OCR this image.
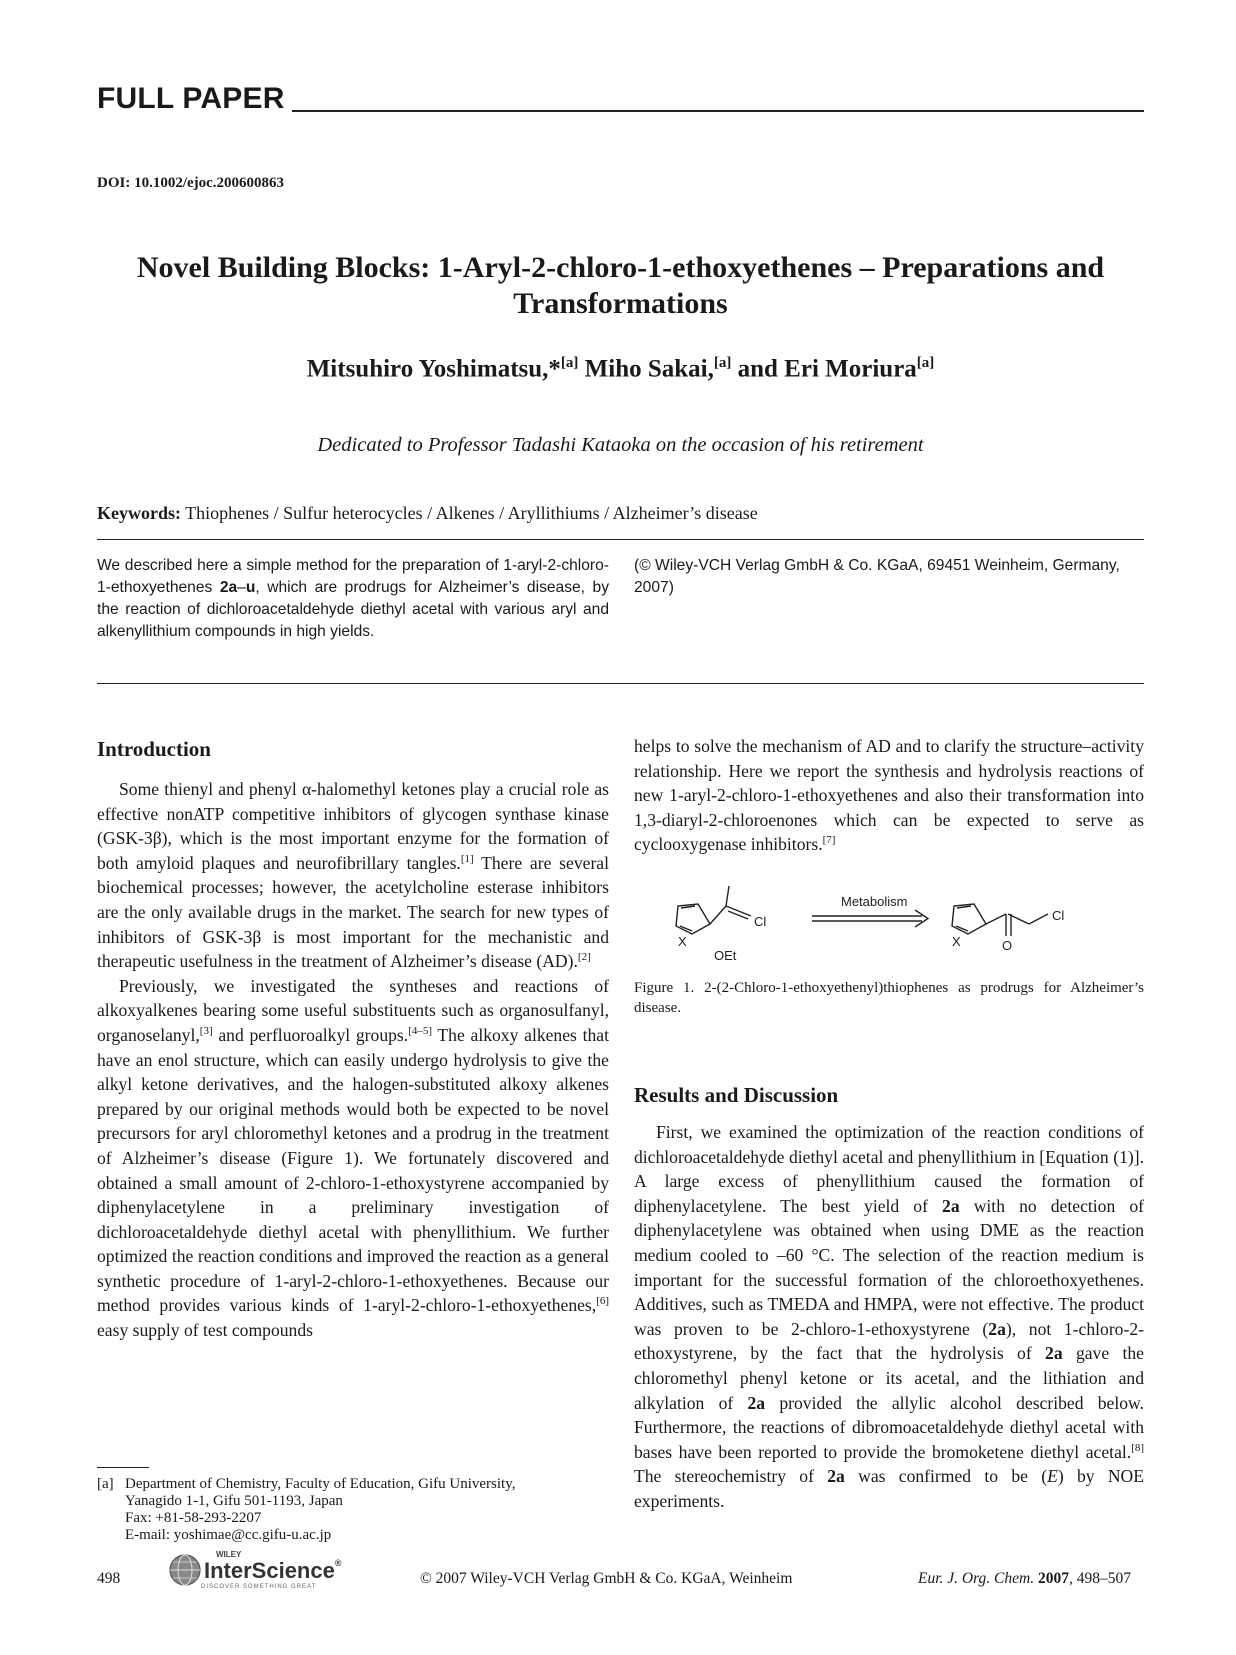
FULL PAPER
DOI: 10.1002/ejoc.200600863
Novel Building Blocks: 1-Aryl-2-chloro-1-ethoxyethenes – Preparations and Transformations
Mitsuhiro Yoshimatsu,*[a] Miho Sakai,[a] and Eri Moriura[a]
Dedicated to Professor Tadashi Kataoka on the occasion of his retirement
Keywords: Thiophenes / Sulfur heterocycles / Alkenes / Aryllithiums / Alzheimer’s disease
We described here a simple method for the preparation of 1-aryl-2-chloro-1-ethoxyethenes 2a–u, which are prodrugs for Alzheimer’s disease, by the reaction of dichloroacetaldehyde diethyl acetal with various aryl and alkenyllithium compounds in high yields.
(© Wiley-VCH Verlag GmbH & Co. KGaA, 69451 Weinheim, Germany, 2007)
Introduction

Some thienyl and phenyl α-halomethyl ketones play a crucial role as effective nonATP competitive inhibitors of glycogen synthase kinase (GSK-3β), which is the most important enzyme for the formation of both amyloid plaques and neurofibrillary tangles.[1] There are several biochemical processes; however, the acetylcholine esterase inhibitors are the only available drugs in the market. The search for new types of inhibitors of GSK-3β is most important for the mechanistic and therapeutic usefulness in the treatment of Alzheimer’s disease (AD).[2]

Previously, we investigated the syntheses and reactions of alkoxyalkenes bearing some useful substituents such as organosulfanyl, organoselanyl,[3] and perfluoroalkyl groups.[4–5] The alkoxy alkenes that have an enol structure, which can easily undergo hydrolysis to give the alkyl ketone derivatives, and the halogen-substituted alkoxy alkenes prepared by our original methods would both be expected to be novel precursors for aryl chloromethyl ketones and a prodrug in the treatment of Alzheimer’s disease (Figure 1). We fortunately discovered and obtained a small amount of 2-chloro-1-ethoxystyrene accompanied by diphenylacetylene in a preliminary investigation of dichloroacetaldehyde diethyl acetal with phenyllithium. We further optimized the reaction conditions and improved the reaction as a general synthetic procedure of 1-aryl-2-chloro-1-ethoxyethenes. Because our method provides various kinds of 1-aryl-2-chloro-1-ethoxyethenes,[6] easy supply of test compounds

helps to solve the mechanism of AD and to clarify the structure–activity relationship. Here we report the synthesis and hydrolysis reactions of new 1-aryl-2-chloro-1-ethoxyethenes and also their transformation into 1,3-diaryl-2-chloroenones which can be expected to serve as cyclooxygenase inhibitors.[7]

X
Cl
OEt
Metabolism
X
Cl
O
Figure 1. 2-(2-Chloro-1-ethoxyethenyl)thiophenes as prodrugs for Alzheimer’s disease.
Results and Discussion

First, we examined the optimization of the reaction conditions of dichloroacetaldehyde diethyl acetal and phenyllithium in [Equation (1)]. A large excess of phenyllithium caused the formation of diphenylacetylene. The best yield of 2a with no detection of diphenylacetylene was obtained when using DME as the reaction medium cooled to –60 °C. The selection of the reaction medium is important for the successful formation of the chloroethoxyethenes. Additives, such as TMEDA and HMPA, were not effective. The product was proven to be 2-chloro-1-ethoxystyrene (2a), not 1-chloro-2-ethoxystyrene, by the fact that the hydrolysis of 2a gave the chloromethyl phenyl ketone or its acetal, and the lithiation and alkylation of 2a provided the allylic alcohol described below. Furthermore, the reactions of dibromoacetaldehyde diethyl acetal with bases have been reported to provide the bromoketene diethyl acetal.[8] The stereochemistry of 2a was confirmed to be (E) by NOE experiments.

[a] Department of Chemistry, Faculty of Education, Gifu University,
Yanagido 1-1, Gifu 501-1193, Japan
Fax: +81-58-293-2207
E-mail: yoshimae@cc.gifu-u.ac.jp
498
WILEY
InterScience®
DISCOVER SOMETHING GREAT	© 2007 Wiley-VCH Verlag GmbH & Co. KGaA, Weinheim	Eur. J. Org. Chem. 2007, 498–507
